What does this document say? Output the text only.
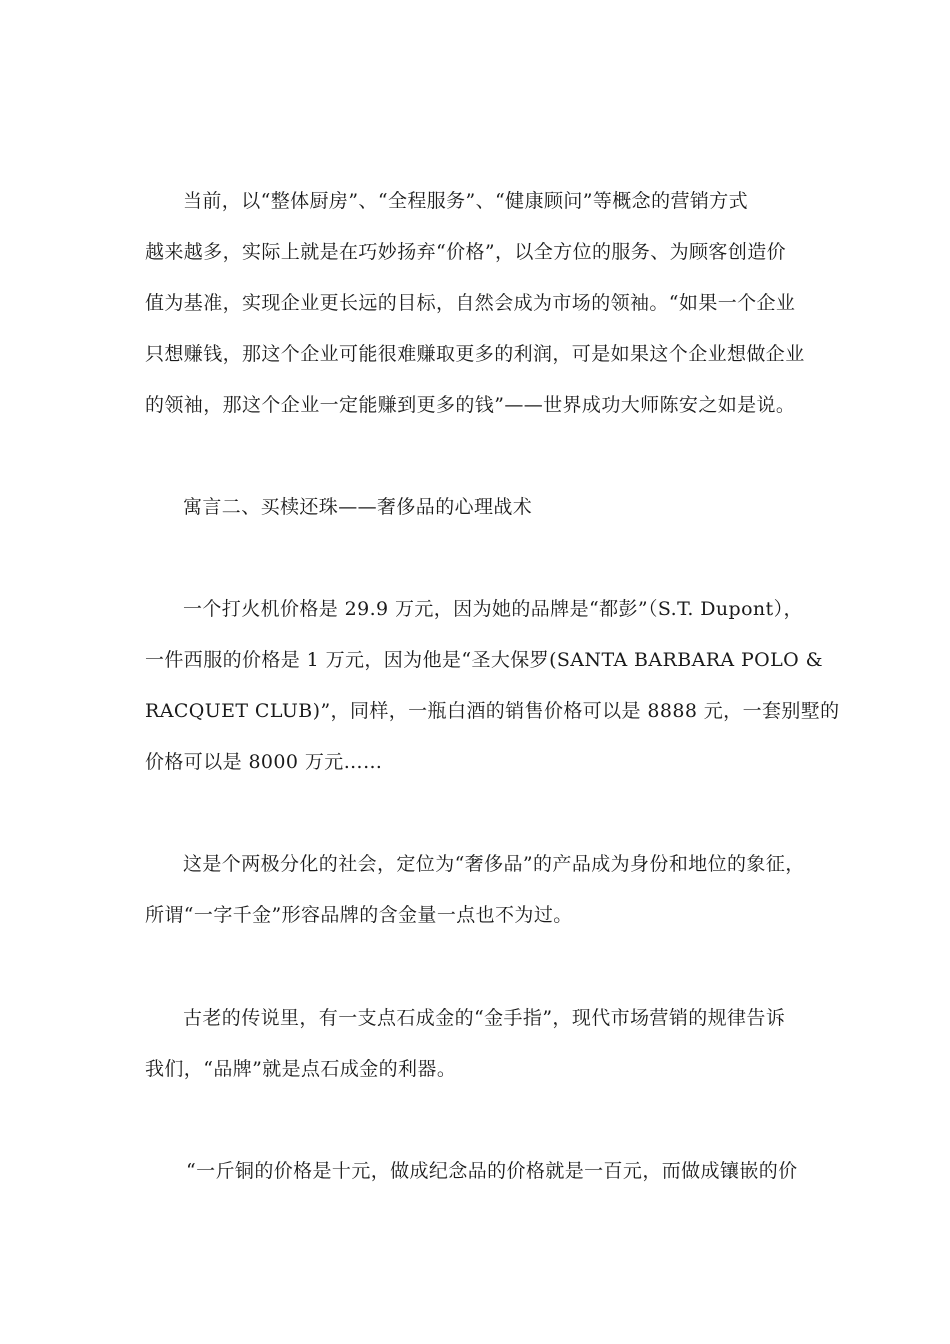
当前，以“整体厨房”、“全程服务”、“健康顾问”等概念的营销方式
越来越多，实际上就是在巧妙扬弃“价格”，以全方位的服务、为顾客创造价
值为基准，实现企业更长远的目标，自然会成为市场的领袖。“如果一个企业
只想赚钱，那这个企业可能很难赚取更多的利润，可是如果这个企业想做企业
的领袖，那这个企业一定能赚到更多的钱”——世界成功大师陈安之如是说。
寓言二、买椟还珠——奢侈品的心理战术
一个打火机价格是 29.9 万元，因为她的品牌是“都彭”（S.T. Dupont），
一件西服的价格是 1 万元，因为他是“圣大保罗(SANTA BARBARA POLO &
RACQUET CLUB)”，同样，一瓶白酒的销售价格可以是 8888 元，一套别墅的
价格可以是 8000 万元……
这是个两极分化的社会，定位为“奢侈品”的产品成为身份和地位的象征，
所谓“一字千金”形容品牌的含金量一点也不为过。
古老的传说里，有一支点石成金的“金手指”，现代市场营销的规律告诉
我们，“品牌”就是点石成金的利器。
“一斤铜的价格是十元，做成纪念品的价格就是一百元，而做成镶嵌的价
